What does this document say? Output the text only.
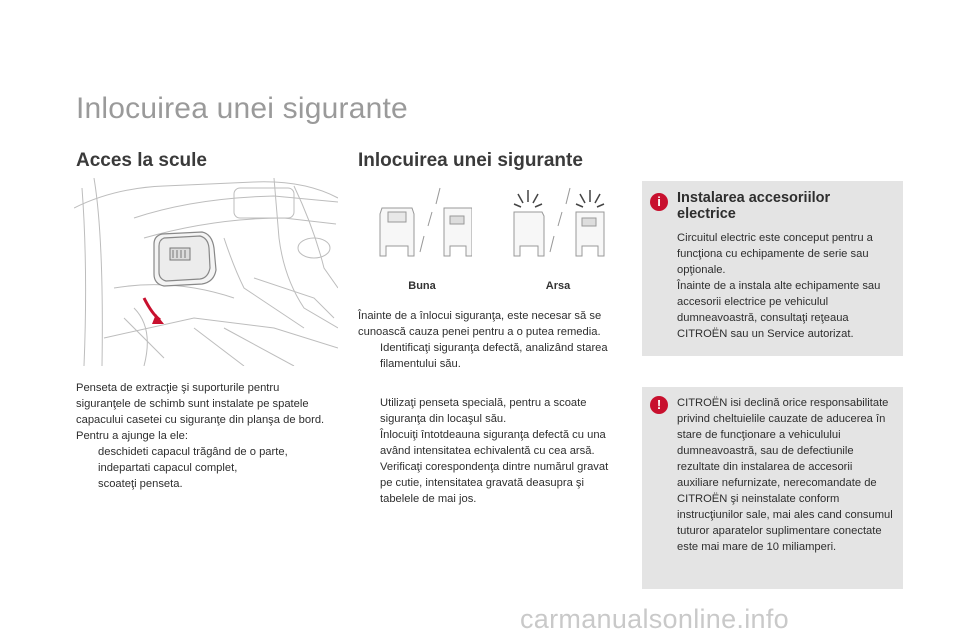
Inlocuirea unei sigurante
Acces la scule

Penseta de extracţie şi suporturile pentru siguranţele de schimb sunt instalate pe spatele capacului casetei cu siguranţe din planşa de bord.

Pentru a ajunge la ele:

deschideti capacul trăgând de o parte,
indepartati capacul complet,
scoateţi penseta.
Inlocuirea unei sigurante
Buna	Arsa

Înainte de a înlocui siguranţa, este necesar să se cunoască cauza penei pentru a o putea remedia.

Identificaţi siguranţa defectă, analizând starea filamentului său.
Utilizaţi penseta specială, pentru a scoate siguranţa din locaşul său.
Înlocuiţi întotdeauna siguranţa defectă cu una având intensitatea echivalentă cu cea arsă.
Verificaţi corespondenţa dintre numărul gravat pe cutie, intensitatea gravată deasupra şi tabelele de mai jos.
i	Instalarea accesoriilor electrice

Circuitul electric este conceput pentru a funcţiona cu echipamente de serie sau opţionale.

Înainte de a instala alte echipamente sau accesorii electrice pe vehiculul dumneavoastră, consultaţi reţeaua CITROËN sau un Service autorizat.

!	CITROËN isi declină orice responsabilitate privind cheltuielile cauzate de aducerea în stare de funcţionare a vehiculului dumneavoastră, sau de defectiunile rezultate din instalarea de accesorii auxiliare nefurnizate, nerecomandate de CITROËN şi neinstalate conform instrucţiunilor sale, mai ales cand consumul tuturor aparatelor suplimentare conectate este mai mare de 10 miliamperi.
carmanualsonline.info
